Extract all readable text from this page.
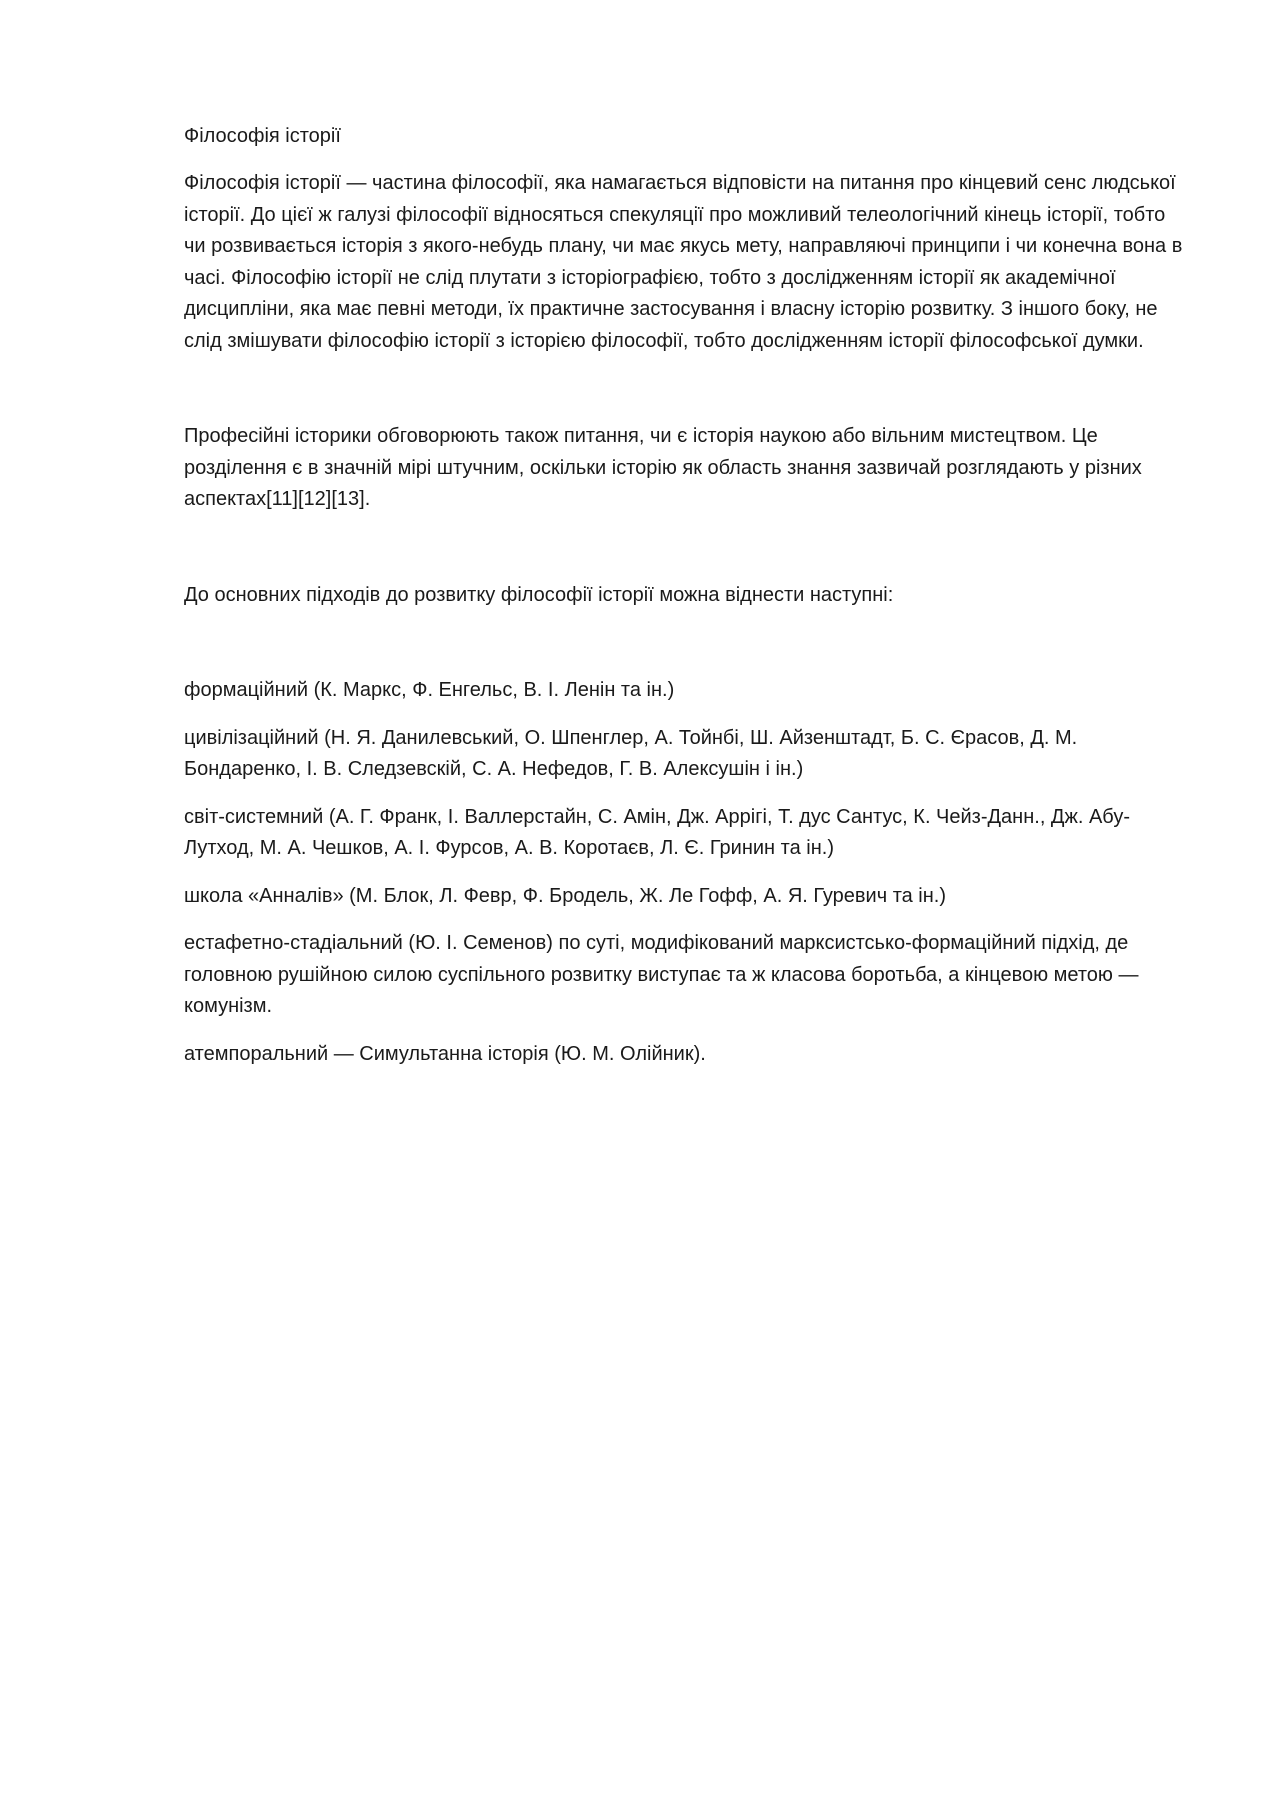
Філософія історії

Філософія історії — частина філософії, яка намагається відповісти на питання про кінцевий сенс людської історії. До цієї ж галузі філософії відносяться спекуляції про можливий телеологічний кінець історії, тобто чи розвивається історія з якого-небудь плану, чи має якусь мету, направляючі принципи і чи конечна вона в часі. Філософію історії не слід плутати з історіографією, тобто з дослідженням історії як академічної дисципліни, яка має певні методи, їх практичне застосування і власну історію розвитку. З іншого боку, не слід змішувати філософію історії з історією філософії, тобто дослідженням історії філософської думки.

Професійні історики обговорюють також питання, чи є історія наукою або вільним мистецтвом. Це розділення є в значній мірі штучним, оскільки історію як область знання зазвичай розглядають у різних аспектах[11][12][13].

До основних підходів до розвитку філософії історії можна віднести наступні:

формаційний (К. Маркс, Ф. Енгельс, В. І. Ленін та ін.)

цивілізаційний (Н. Я. Данилевський, О. Шпенглер, А. Тойнбі, Ш. Айзенштадт, Б. С. Єрасов, Д. М. Бондаренко, І. В. Следзевскій, С. А. Нефедов, Г. В. Алексушін і ін.)

світ-системний (А. Г. Франк, І. Валлерстайн, С. Амін, Дж. Аррігі, Т. дус Сантус, К. Чейз-Данн., Дж. Абу-Лутход, М. А. Чешков, А. І. Фурсов, А. В. Коротаєв, Л. Є. Гринин та ін.)

школа «Анналів» (М. Блок, Л. Февр, Ф. Бродель, Ж. Ле Гофф, А. Я. Гуревич та ін.)

естафетно-стадіальний (Ю. І. Семенов) по суті, модифікований марксистсько-формаційний підхід, де головною рушійною силою суспільного розвитку виступає та ж класова боротьба, а кінцевою метою — комунізм.

атемпоральний — Симультанна історія (Ю. М. Олійник).
